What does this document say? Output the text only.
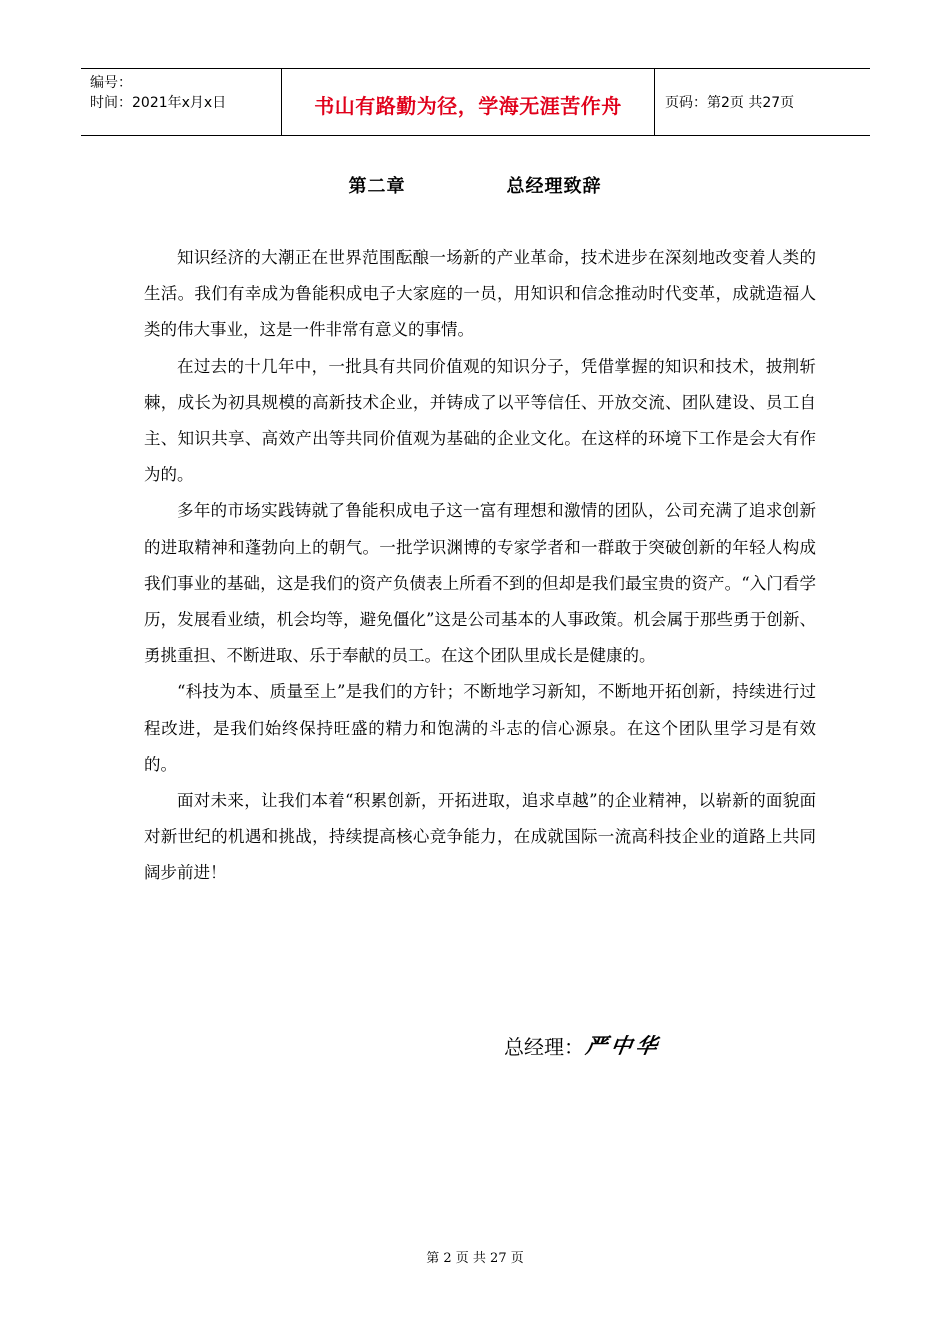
编号：
时间：2021年x月x日	书山有路勤为径，学海无涯苦作舟	页码：第2页 共27页
第二章    总经理致辞

知识经济的大潮正在世界范围酝酿一场新的产业革命，技术进步在深刻地改变着人类的生活。我们有幸成为鲁能积成电子大家庭的一员，用知识和信念推动时代变革，成就造福人类的伟大事业，这是一件非常有意义的事情。

在过去的十几年中，一批具有共同价值观的知识分子，凭借掌握的知识和技术，披荆斩棘，成长为初具规模的高新技术企业，并铸成了以平等信任、开放交流、团队建设、员工自主、知识共享、高效产出等共同价值观为基础的企业文化。在这样的环境下工作是会大有作为的。

多年的市场实践铸就了鲁能积成电子这一富有理想和激情的团队，公司充满了追求创新的进取精神和蓬勃向上的朝气。一批学识渊博的专家学者和一群敢于突破创新的年轻人构成我们事业的基础，这是我们的资产负债表上所看不到的但却是我们最宝贵的资产。“入门看学历，发展看业绩，机会均等，避免僵化”这是公司基本的人事政策。机会属于那些勇于创新、勇挑重担、不断进取、乐于奉献的员工。在这个团队里成长是健康的。

“科技为本、质量至上”是我们的方针；不断地学习新知，不断地开拓创新，持续进行过程改进，是我们始终保持旺盛的精力和饱满的斗志的信心源泉。在这个团队里学习是有效的。

面对未来，让我们本着“积累创新，开拓进取，追求卓越”的企业精神，以崭新的面貌面对新世纪的机遇和挑战，持续提高核心竞争能力，在成就国际一流高科技企业的道路上共同阔步前进！

总经理： 严中华
第 2 页 共 27 页
